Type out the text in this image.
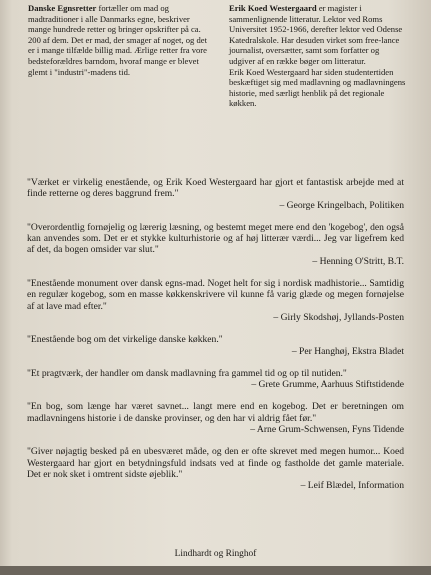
Danske Egnsretter fortæller om mad og madtraditioner i alle Danmarks egne, beskriver mange hundrede retter og bringer opskrifter på ca. 200 af dem. Det er mad, der smager af noget, og det er i mange tilfælde billig mad. Ærlige retter fra vore bedsteforældres barndom, hvoraf mange er blevet glemt i "industri"-madens tid.

Erik Koed Westergaard er magister i sammenlignende litteratur. Lektor ved Roms Universitet 1952-1966, derefter lektor ved Odense Katedralskole. Har desuden virket som free-lance journalist, oversætter, samt som forfatter og udgiver af en række bøger om litteratur.

Erik Koed Westergaard har siden studentertiden beskæftiget sig med madlavning og madlavningens historie, med særligt henblik på det regionale køkken.

"Værket er virkelig enestående, og Erik Koed Westergaard har gjort et fantastisk arbejde med at finde retterne og deres baggrund frem."
– George Kringelbach, Politiken
"Overordentlig fornøjelig og lærerig læsning, og bestemt meget mere end den 'kogebog', den også kan anvendes som. Det er et stykke kulturhistorie og af høj litterær værdi... Jeg var ligefrem ked af det, da bogen omsider var slut."
– Henning O'Stritt, B.T.
"Enestående monument over dansk egns-mad. Noget helt for sig i nordisk madhistorie... Samtidig en regulær kogebog, som en masse køkkenskrivere vil kunne få varig glæde og megen fornøjelse af at lave mad efter."
– Girly Skodshøj, Jyllands-Posten
"Enestående bog om det virkelige danske køkken."
– Per Hanghøj, Ekstra Bladet
"Et pragtværk, der handler om dansk madlavning fra gammel tid og op til nutiden."
– Grete Grumme, Aarhuus Stiftstidende
"En bog, som længe har været savnet... langt mere end en kogebog. Det er beretningen om madlavningens historie i de danske provinser, og den har vi aldrig fået før."
– Arne Grum-Schwensen, Fyns Tidende
"Giver nøjagtig besked på en ubesværet måde, og den er ofte skrevet med megen humor... Koed Westergaard har gjort en betydningsfuld indsats ved at finde og fastholde det gamle materiale. Det er nok sket i omtrent sidste øjeblik."
– Leif Blædel, Information
Lindhardt og Ringhof
